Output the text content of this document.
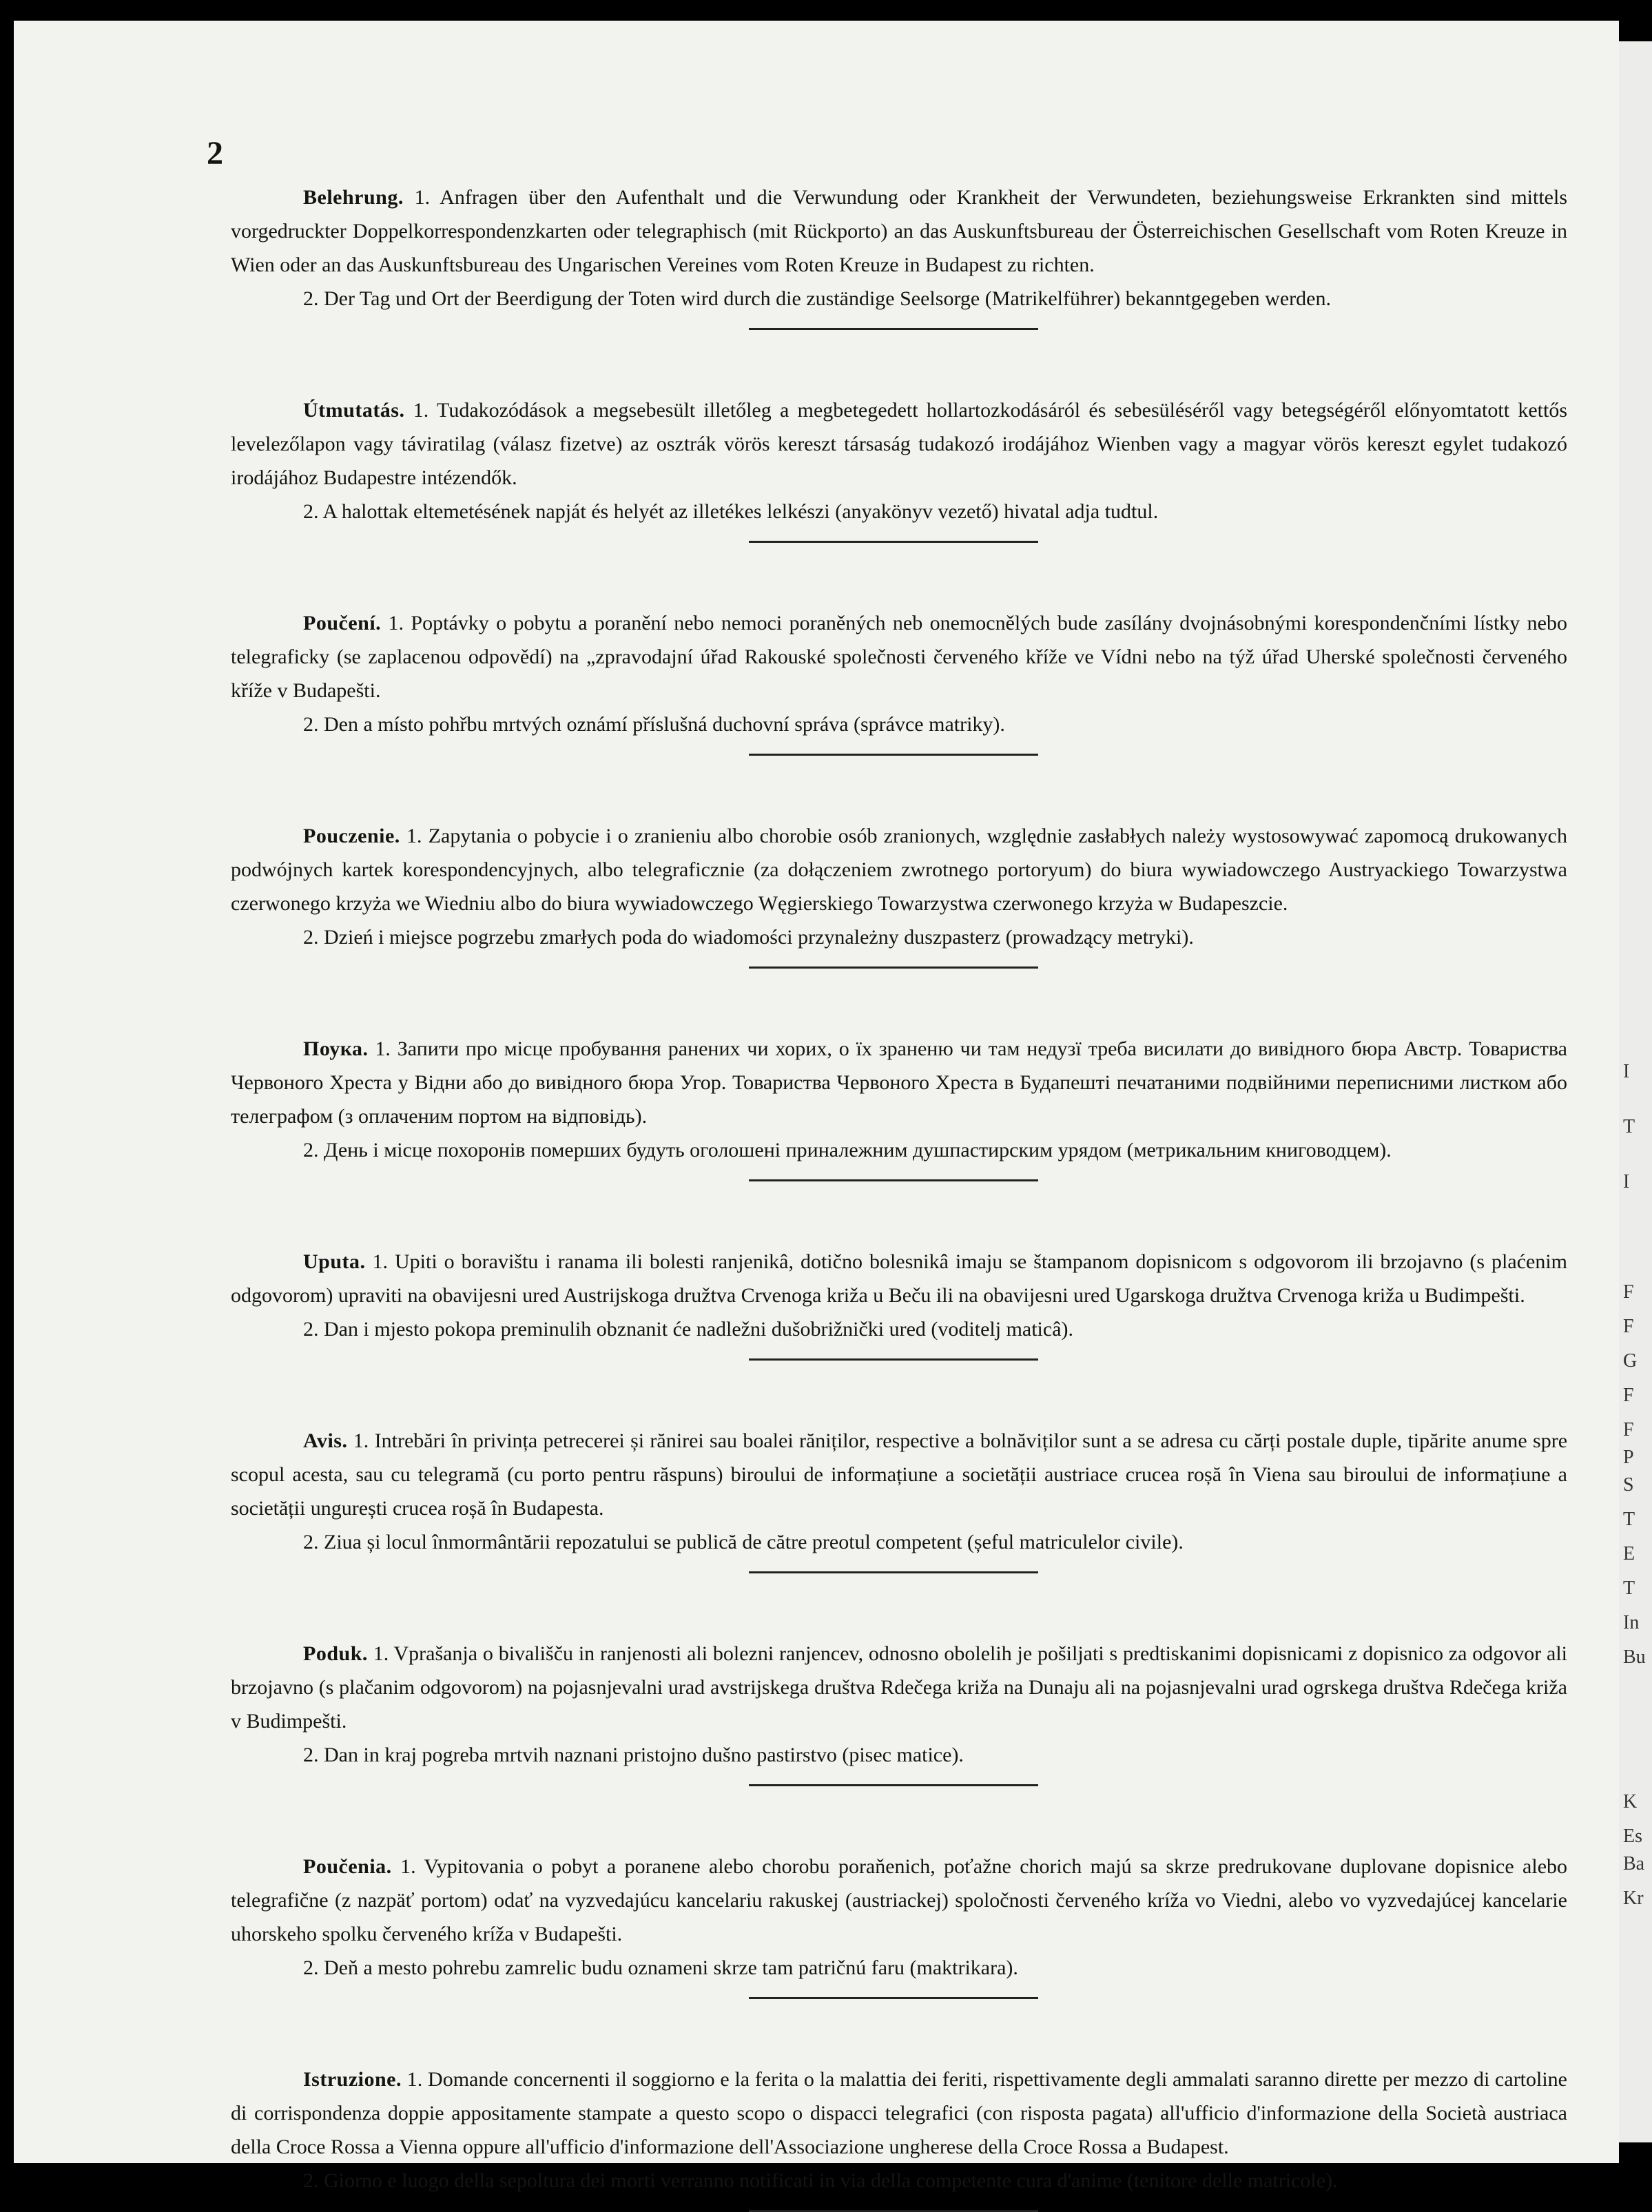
I
T
I
F
F
G
F
F
P
S
T
E
T
In
Bu
K
Es
Ba
Kr
2

Belehrung. 1. Anfragen über den Aufenthalt und die Verwundung oder Krankheit der Verwundeten, beziehungsweise Erkrankten sind mittels vorgedruckter Doppelkorrespondenzkarten oder telegraphisch (mit Rückporto) an das Auskunftsbureau der Österreichischen Gesellschaft vom Roten Kreuze in Wien oder an das Auskunftsbureau des Ungarischen Vereines vom Roten Kreuze in Budapest zu richten.

2. Der Tag und Ort der Beerdigung der Toten wird durch die zuständige Seelsorge (Matrikelführer) bekanntgegeben werden.

Útmutatás. 1. Tudakozódások a megsebesült illetőleg a megbetegedett hollartozkodásáról és sebesüléséről vagy betegségéről előnyomtatott kettős levelezőlapon vagy táviratilag (válasz fizetve) az osztrák vörös kereszt társaság tudakozó irodájához Wienben vagy a magyar vörös kereszt egylet tudakozó irodájához Budapestre intézendők.

2. A halottak eltemetésének napját és helyét az illetékes lelkészi (anyakönyv vezető) hivatal adja tudtul.

Poučení. 1. Poptávky o pobytu a poranění nebo nemoci poraněných neb onemocnělých bude zasílány dvojnásobnými korespondenčními lístky nebo telegraficky (se zaplacenou odpovědí) na „zpravodajní úřad Rakouské společnosti červeného kříže ve Vídni nebo na týž úřad Uherské společnosti červeného kříže v Budapešti.

2. Den a místo pohřbu mrtvých oznámí příslušná duchovní správa (správce matriky).

Pouczenie. 1. Zapytania o pobycie i o zranieniu albo chorobie osób zranionych, względnie zasłabłych należy wystosowywać zapomocą drukowanych podwójnych kartek korespondencyjnych, albo telegraficznie (za dołączeniem zwrotnego portoryum) do biura wywiadowczego Austryackiego Towarzystwa czerwonego krzyża we Wiedniu albo do biura wywiadowczego Węgierskiego Towarzystwa czerwonego krzyża w Budapeszcie.

2. Dzień i miejsce pogrzebu zmarłych poda do wiadomości przynależny duszpasterz (prowadzący metryki).

Поука. 1. Запити про місце пробування ранених чи хорих, о їх зраненю чи там недузї треба висилати до вивідного бюра Австр. Товариства Червоного Хреста у Відни або до вивідного бюра Угор. Товариства Червоного Хреста в Будапешті печатаними подвійними переписними листком або телеграфом (з оплаченим портом на відповідь).

2. День і місце похоронів померших будуть оголошені приналежним душпастирским урядом (метрикальним книговодцем).

Uputa. 1. Upiti o boravištu i ranama ili bolesti ranjenikâ, dotično bolesnikâ imaju se štampanom dopisnicom s odgovorom ili brzojavno (s plaćenim odgovorom) upraviti na obavijesni ured Austrijskoga družtva Crvenoga križa u Beču ili na obavijesni ured Ugarskoga družtva Crvenoga križa u Budimpešti.

2. Dan i mjesto pokopa preminulih obznanit će nadležni dušobrižnički ured (voditelj maticâ).

Avis. 1. Intrebări în privința petrecerei și rănirei sau boalei răniților, respective a bolnăviților sunt a se adresa cu cărți postale duple, tipărite anume spre scopul acesta, sau cu telegramă (cu porto pentru răspuns) biroului de informațiune a societății austriace crucea roșă în Viena sau biroului de informațiune a societății ungurești crucea roșă în Budapesta.

2. Ziua și locul înmormântării repozatului se publică de către preotul competent (șeful matriculelor civile).

Poduk. 1. Vprašanja o bivališču in ranjenosti ali bolezni ranjencev, odnosno obolelih je pošiljati s predtiskanimi dopisnicami z dopisnico za odgovor ali brzojavno (s plačanim odgovorom) na pojasnjevalni urad avstrijskega društva Rdečega križa na Dunaju ali na pojasnjevalni urad ogrskega društva Rdečega križa v Budimpešti.

2. Dan in kraj pogreba mrtvih naznani pristojno dušno pastirstvo (pisec matice).

Poučenia. 1. Vypitovania o pobyt a poranene alebo chorobu poraňenich, poťažne chorich majú sa skrze predrukovane duplovane dopisnice alebo telegrafične (z nazpäť portom) odať na vyzvedajúcu kancelariu rakuskej (austriackej) spoločnosti červeného kríža vo Viedni, alebo vo vyzvedajúcej kancelarie uhorskeho spolku červeného kríža v Budapešti.

2. Deň a mesto pohrebu zamrelic budu oznameni skrze tam patričnú faru (maktrikara).

Istruzione. 1. Domande concernenti il soggiorno e la ferita o la malattia dei feriti, rispettivamente degli ammalati saranno dirette per mezzo di cartoline di corrispondenza doppie appositamente stampate a questo scopo o dispacci telegrafici (con risposta pagata) all'ufficio d'informazione della Società austriaca della Croce Rossa a Vienna oppure all'ufficio d'informazione dell'Associazione ungherese della Croce Rossa a Budapest.

2. Giorno e luogo della sepoltura dei morti verranno notificati in via della competente cura d'anime (tenitore delle matricole).
